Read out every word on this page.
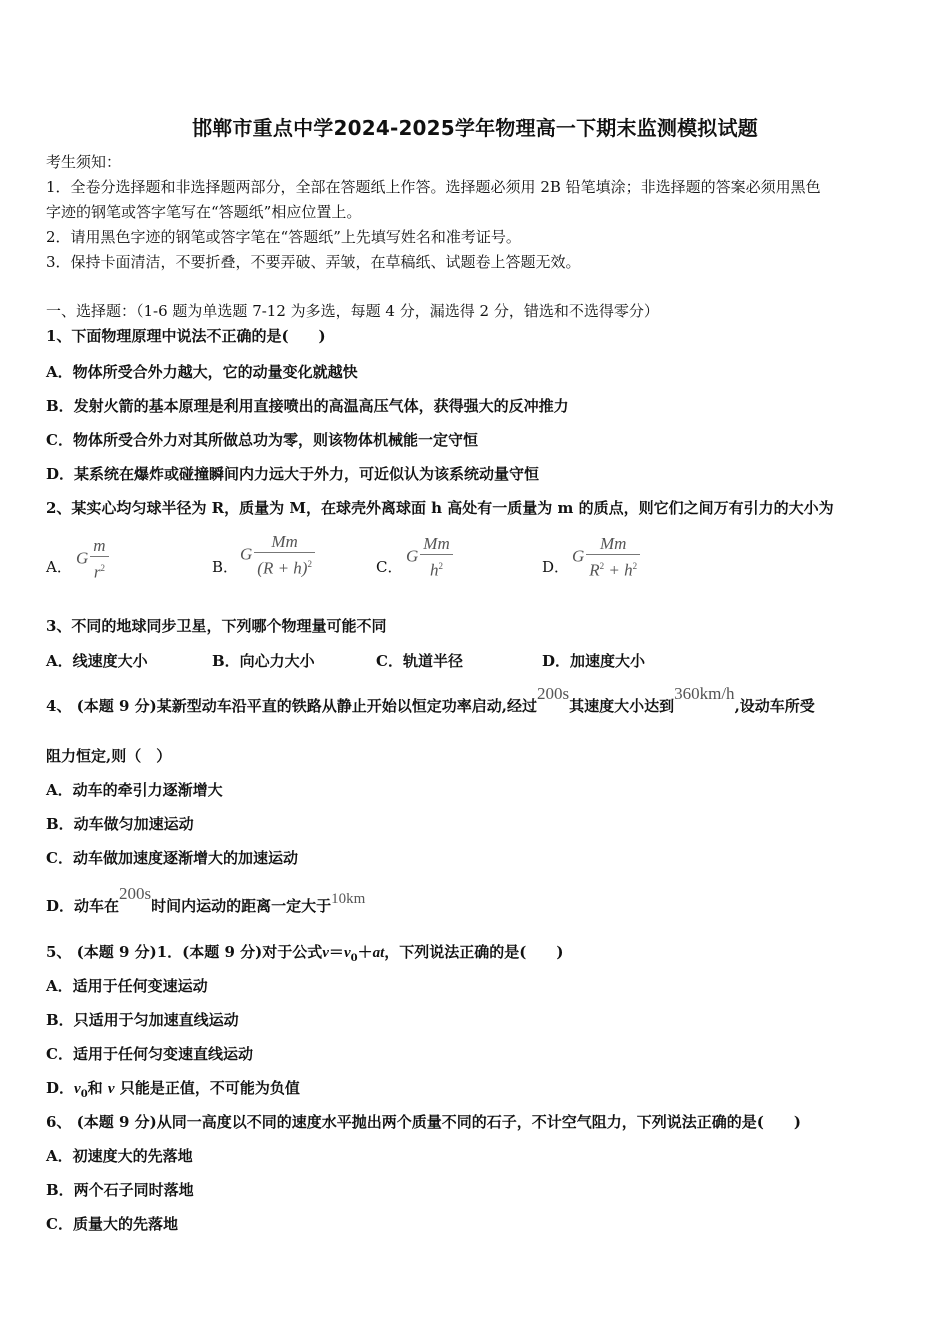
邯郸市重点中学2024-2025学年物理高一下期末监测模拟试题
考生须知：
1．全卷分选择题和非选择题两部分，全部在答题纸上作答。选择题必须用 2B 铅笔填涂；非选择题的答案必须用黑色
字迹的钢笔或答字笔写在“答题纸”相应位置上。
2．请用黑色字迹的钢笔或答字笔在“答题纸”上先填写姓名和准考证号。
3．保持卡面清洁，不要折叠，不要弄破、弄皱，在草稿纸、试题卷上答题无效。
一、选择题：（1-6 题为单选题 7-12 为多选，每题 4 分，漏选得 2 分，错选和不选得零分）
1、下面物理原理中说法不正确的是(　　)
A．物体所受合外力越大，它的动量变化就越快
B．发射火箭的基本原理是利用直接喷出的高温高压气体，获得强大的反冲推力
C．物体所受合外力对其所做总功为零，则该物体机械能一定守恒
D．某系统在爆炸或碰撞瞬间内力远大于外力，可近似认为该系统动量守恒
2、某实心均匀球半径为 R，质量为 M，在球壳外离球面 h 高处有一质量为 m 的质点，则它们之间万有引力的大小为
A． G $\frac{m}{r^2}$	B．
G $\frac{Mm}{(R + h)^2}$	C．
G $\frac{Mm}{h^2}$	D．
G $\frac{Mm}{R^2 + h^2}$
3、不同的地球同步卫星，下列哪个物理量可能不同
A．线速度大小	B．向心力大小	C．轨道半径	D．加速度大小
4、 (本题 9 分)某新型动车沿平直的铁路从静止开始以恒定功率启动,经过200s其速度大小达到360km/h,设动车所受
阻力恒定,则（　）
A．动车的牵引力逐渐增大
B．动车做匀加速运动
C．动车做加速度逐渐增大的加速运动
D．动车在200s时间内运动的距离一定大于10km
5、 (本题 9 分)1．(本题 9 分)对于公式$v=v_0+at$，下列说法正确的是(　　)
A．适用于任何变速运动
B．只适用于匀加速直线运动
C．适用于任何匀变速直线运动
D．$v_0$和 v 只能是正值，不可能为负值
6、 (本题 9 分)从同一高度以不同的速度水平抛出两个质量不同的石子，不计空气阻力，下列说法正确的是(　　)
A．初速度大的先落地
B．两个石子同时落地
C．质量大的先落地
